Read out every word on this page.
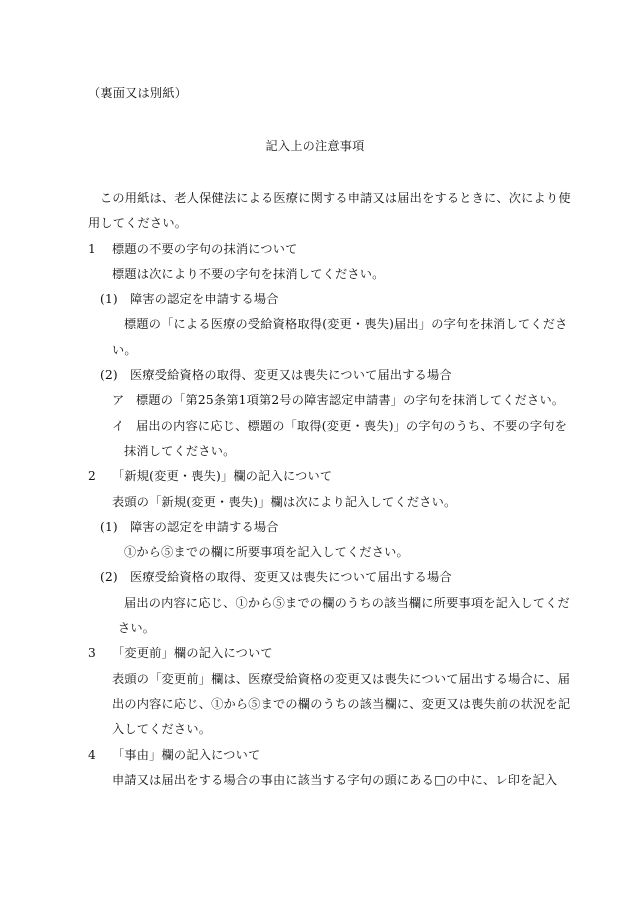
（裏面又は別紙）
記入上の注意事項
この用紙は、老人保健法による医療に関する申請又は届出をするときに、次により使
用してください。
1 標題の不要の字句の抹消について
標題は次により不要の字句を抹消してください。
(1) 障害の認定を申請する場合
標題の「による医療の受給資格取得(変更・喪失)届出」の字句を抹消してくださ
い。
(2) 医療受給資格の取得、変更又は喪失について届出する場合
ア 標題の「第25条第1項第2号の障害認定申請書」の字句を抹消してください。
イ 届出の内容に応じ、標題の「取得(変更・喪失)」の字句のうち、不要の字句を
抹消してください。
2 「新規(変更・喪失)」欄の記入について
表頭の「新規(変更・喪失)」欄は次により記入してください。
(1) 障害の認定を申請する場合
①から⑤までの欄に所要事項を記入してください。
(2) 医療受給資格の取得、変更又は喪失について届出する場合
届出の内容に応じ、①から⑤までの欄のうちの該当欄に所要事項を記入してくだ
さい。
3 「変更前」欄の記入について
表頭の「変更前」欄は、医療受給資格の変更又は喪失について届出する場合に、届
出の内容に応じ、①から⑤までの欄のうちの該当欄に、変更又は喪失前の状況を記
入してください。
4 「事由」欄の記入について
申請又は届出をする場合の事由に該当する字句の頭にある□の中に、レ印を記入
